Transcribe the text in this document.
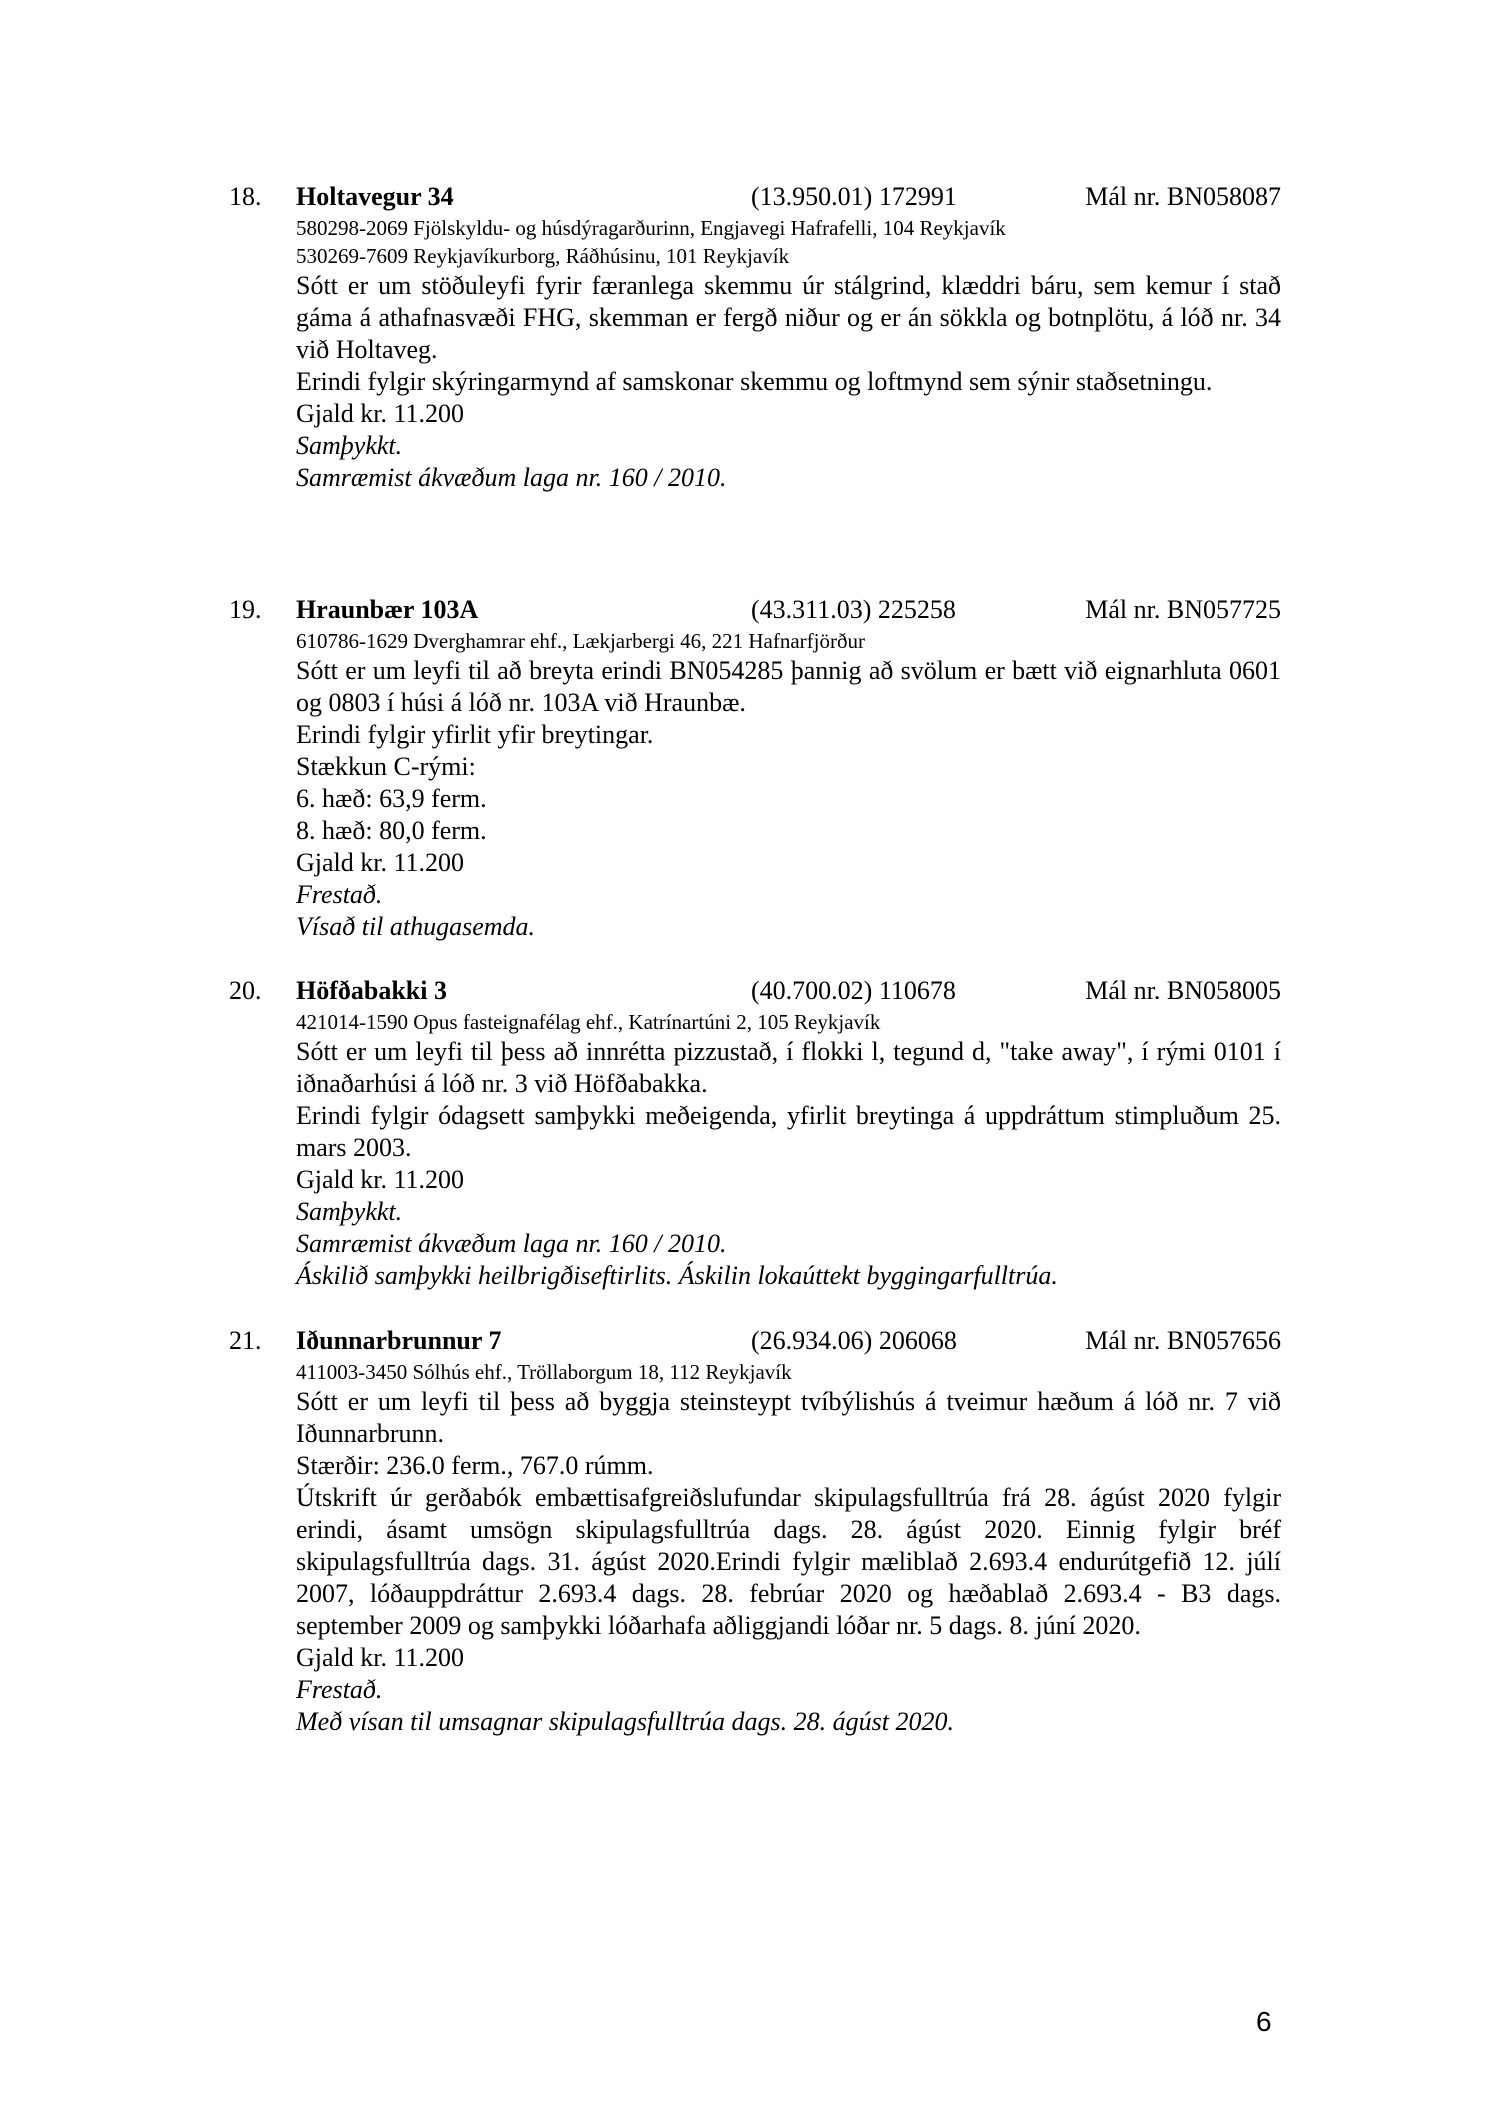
18. Holtavegur 34	(13.950.01) 172991	Mál nr. BN058087
580298-2069 Fjölskyldu- og húsdýragarðurinn, Engjavegi Hafrafelli, 104 Reykjavík
530269-7609 Reykjavíkurborg, Ráðhúsinu, 101 Reykjavík
Sótt er um stöðuleyfi fyrir færanlega skemmu úr stálgrind, klæddri báru, sem kemur í stað gáma á athafnasvæði FHG, skemman er fergð niður og er án sökkla og botnplötu, á lóð nr. 34 við Holtaveg.
Erindi fylgir skýringarmynd af samskonar skemmu og loftmynd sem sýnir staðsetningu.
Gjald kr. 11.200
Samþykkt.
Samræmist ákvæðum laga nr. 160 / 2010.
19. Hraunbær 103A	(43.311.03) 225258	Mál nr. BN057725
610786-1629 Dverghamrar ehf., Lækjarbergi 46, 221 Hafnarfjörður
Sótt er um leyfi til að breyta erindi BN054285 þannig að svölum er bætt við eignarhluta 0601 og 0803 í húsi á lóð nr. 103A við Hraunbæ.
Erindi fylgir yfirlit yfir breytingar.
Stækkun C-rými:
6. hæð: 63,9 ferm.
8. hæð: 80,0 ferm.
Gjald kr. 11.200
Frestað.
Vísað til athugasemda.
20. Höfðabakki 3	(40.700.02) 110678	Mál nr. BN058005
421014-1590 Opus fasteignafélag ehf., Katrínartúni 2, 105 Reykjavík
Sótt er um leyfi til þess að innrétta pizzustað, í flokki l, tegund d, "take away", í rými 0101 í iðnaðarhúsi á lóð nr. 3 við Höfðabakka.
Erindi fylgir ódagsett samþykki meðeigenda, yfirlit breytinga á uppdráttum stimpluðum 25. mars 2003.
Gjald kr. 11.200
Samþykkt.
Samræmist ákvæðum laga nr. 160 / 2010.
Áskilið samþykki heilbrigðiseftirlits. Áskilin lokaúttekt byggingarfulltrúa.
21. Iðunnarbrunnur 7	(26.934.06) 206068	Mál nr. BN057656
411003-3450 Sólhús ehf., Tröllaborgum 18, 112 Reykjavík
Sótt er um leyfi til þess að byggja steinsteypt tvíbýlishús á tveimur hæðum á lóð nr. 7 við Iðunnarbrunn.
Stærðir: 236.0 ferm., 767.0 rúmm.
Útskrift úr gerðabók embættisafgreiðslufundar skipulagsfulltrúa frá 28. ágúst 2020 fylgir erindi, ásamt umsögn skipulagsfulltrúa dags. 28. ágúst 2020. Einnig fylgir bréf skipulagsfulltrúa dags. 31. ágúst 2020.Erindi fylgir mæliblað 2.693.4 endurútgefið 12. júlí 2007, lóðauppdráttur 2.693.4 dags. 28. febrúar 2020 og hæðablað 2.693.4 - B3 dags. september 2009 og samþykki lóðarhafa aðliggjandi lóðar nr. 5 dags. 8. júní 2020.
Gjald kr. 11.200
Frestað.
Með vísan til umsagnar skipulagsfulltrúa dags. 28. ágúst 2020.
6
